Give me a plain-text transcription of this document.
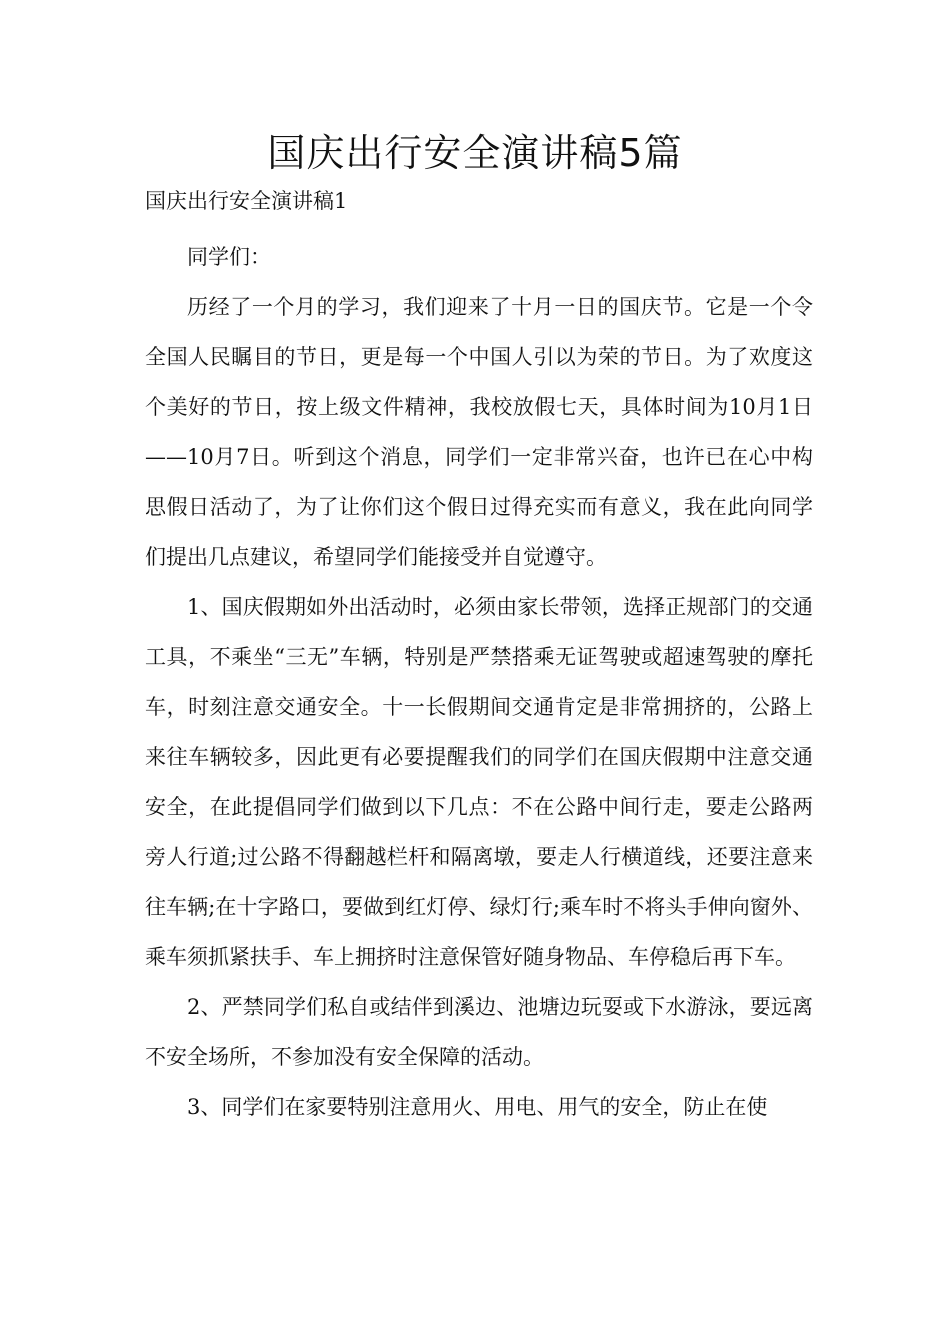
国庆出行安全演讲稿5篇

国庆出行安全演讲稿1

同学们：

历经了一个月的学习，我们迎来了十月一日的国庆节。它是一个令全国人民瞩目的节日，更是每一个中国人引以为荣的节日。为了欢度这个美好的节日，按上级文件精神，我校放假七天，具体时间为10月1日——10月7日。听到这个消息，同学们一定非常兴奋，也许已在心中构思假日活动了，为了让你们这个假日过得充实而有意义，我在此向同学们提出几点建议，希望同学们能接受并自觉遵守。

1、国庆假期如外出活动时，必须由家长带领，选择正规部门的交通工具，不乘坐“三无”车辆，特别是严禁搭乘无证驾驶或超速驾驶的摩托车，时刻注意交通安全。十一长假期间交通肯定是非常拥挤的，公路上来往车辆较多，因此更有必要提醒我们的同学们在国庆假期中注意交通安全，在此提倡同学们做到以下几点：不在公路中间行走，要走公路两旁人行道;过公路不得翻越栏杆和隔离墩，要走人行横道线，还要注意来往车辆;在十字路口，要做到红灯停、绿灯行;乘车时不将头手伸向窗外、乘车须抓紧扶手、车上拥挤时注意保管好随身物品、车停稳后再下车。

2、严禁同学们私自或结伴到溪边、池塘边玩耍或下水游泳，要远离不安全场所，不参加没有安全保障的活动。

3、同学们在家要特别注意用火、用电、用气的安全，防止在使
